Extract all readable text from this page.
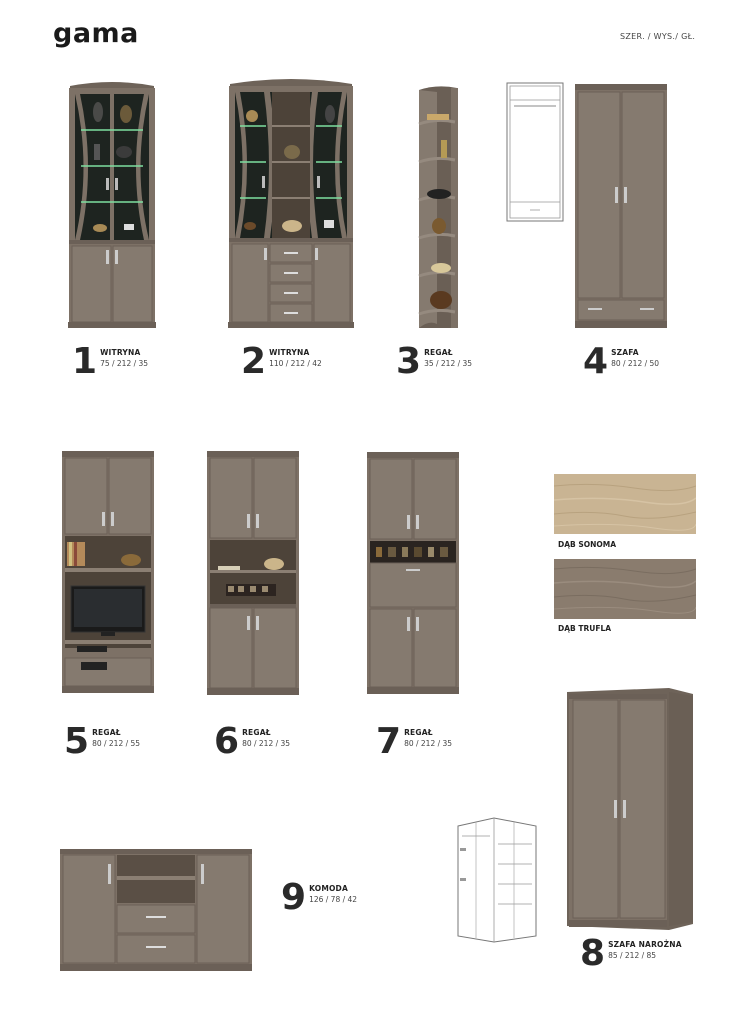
gama	SZER. / WYS./ GŁ.
1 WITRYNA
75 / 212 / 35	2 WITRYNA
110 / 212 / 42 3 REGAŁ
35 / 212 / 35	4 SZAFA
80 / 212 / 50
5 REGAŁ
80 / 212 / 55 6 REGAŁ
80 / 212 / 35 7 REGAŁ
80 / 212 / 35
DĄB SONOMA
DĄB TRUFLA
9 KOMODA
126 / 78 / 42
8 SZAFA NAROŻNA
85 / 212 / 85
